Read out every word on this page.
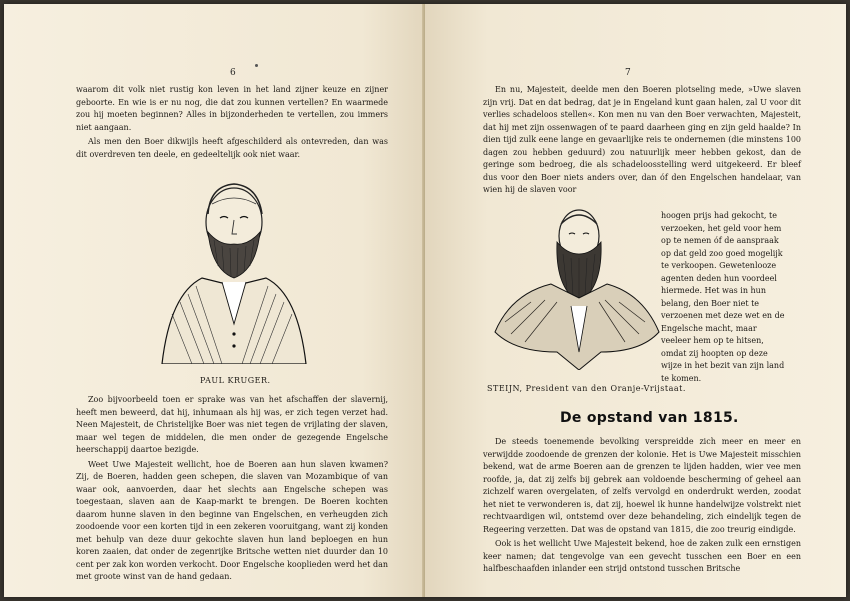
6

waarom dit volk niet rustig kon leven in het land zijner keuze en zijner geboorte. En wie is er nu nog, die dat zou kunnen vertellen? En waarmede zou hij moeten beginnen? Alles in bijzonderheden te vertellen, zou immers niet aangaan.

Als men den Boer dikwijls heeft afgeschilderd als ontevreden, dan was dit overdreven ten deele, en gedeeltelijk ook niet waar.

PAUL KRUGER.

Zoo bijvoorbeeld toen er sprake was van het afschaffen der slavernij, heeft men beweerd, dat hij, inhumaan als hij was, er zich tegen verzet had. Neen Majesteit, de Christelijke Boer was niet tegen de vrijlating der slaven, maar wel tegen de middelen, die men onder de gezegende Engelsche heerschappij daartoe bezigde.

Weet Uwe Majesteit wellicht, hoe de Boeren aan hun slaven kwamen? Zij, de Boeren, hadden geen schepen, die slaven van Mozambique of van waar ook, aanvoerden, daar het slechts aan Engelsche schepen was toegestaan, slaven aan de Kaap-markt te brengen. De Boeren kochten daarom hunne slaven in den beginne van Engelschen, en verheugden zich zoodoende voor een korten tijd in een zekeren vooruitgang, want zij konden met behulp van deze duur gekochte slaven hun land beploegen en hun koren zaaien, dat onder de zegenrijke Britsche wetten niet duurder dan 10 cent per zak kon worden verkocht. Door Engelsche kooplieden werd het dan met groote winst van de hand gedaan.

7

En nu, Majesteit, deelde men den Boeren plotseling mede, »Uwe slaven zijn vrij. Dat en dat bedrag, dat je in Engeland kunt gaan halen, zal U voor dit verlies schadeloos stellen«. Kon men nu van den Boer verwachten, Majesteit, dat hij met zijn ossenwagen of te paard daarheen ging en zijn geld haalde? In dien tijd zulk eene lange en gevaarlijke reis te ondernemen (die minstens 100 dagen zou hebben geduurd) zou natuurlijk meer hebben gekost, dan de geringe som bedroeg, die als schadeloosstelling werd uitgekeerd. Er bleef dus voor den Boer niets anders over, dan óf den Engelschen handelaar, van wien hij de slaven voor

hoogen prijs had gekocht, te verzoeken, het geld voor hem op te nemen óf de aanspraak op dat geld zoo goed mogelijk te verkoopen. Gewetenlooze agenten deden hun voordeel hiermede. Het was in hun belang, den Boer niet te verzoenen met deze wet en de Engelsche macht, maar veeleer hem op te hitsen, omdat zij hoopten op deze wijze in het bezit van zijn land te komen.

STEIJN, President van den Oranje-Vrijstaat.
De opstand van 1815.

De steeds toenemende bevolking verspreidde zich meer en meer en verwijdde zoodoende de grenzen der kolonie. Het is Uwe Majesteit misschien bekend, wat de arme Boeren aan de grenzen te lijden hadden, wier vee men roofde, ja, dat zij zelfs bij gebrek aan voldoende bescherming of geheel aan zichzelf waren overgelaten, of zelfs vervolgd en onderdrukt werden, zoodat het niet te verwonderen is, dat zij, hoewel ik hunne handelwijze volstrekt niet rechtvaardigen wil, ontstemd over deze behandeling, zich eindelijk tegen de Regeering verzetten. Dat was de opstand van 1815, die zoo treurig eindigde.

Ook is het wellicht Uwe Majesteit bekend, hoe de zaken zulk een ernstigen keer namen; dat tengevolge van een gevecht tusschen een Boer en een halfbeschaafden inlander een strijd ontstond tusschen Britsche
